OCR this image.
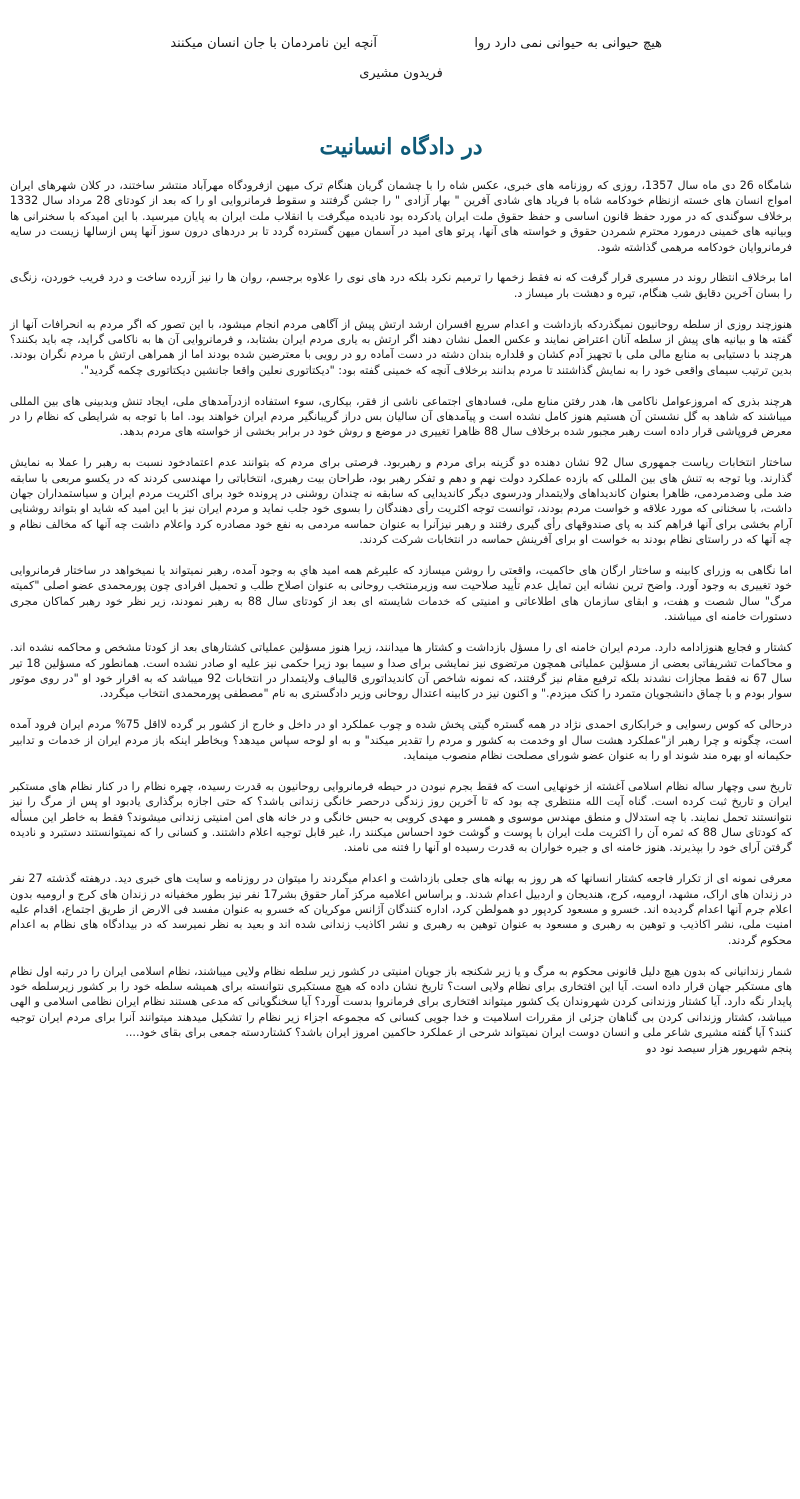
هیچ حیوانی به حیوانی نمی دارد روا
آنچه این نامردمان با جان انسان میکنند
فریدون مشیری
در دادگاه انسانیت

شامگاه 26 دی ماه سال 1357، روزی که روزنامه های خبری، عکس شاه را با چشمان گریان هنگام ترک میهن ازفرودگاه مهرآباد منتشر ساختند، در کلان شهرهای ایران امواج انسان های خسته ازنظام خودکامه شاه با فریاد های شادی آفرین " بهار آزادی " را جشن گرفتند و سقوط فرمانروایی او را که بعد از کودتای 28 مرداد سال 1332 برخلاف سوگندی که در مورد حفظ قانون اساسی و حفظ حقوق ملت ایران یادکرده بود نادیده میگرفت با انقلاب ملت ایران به پایان میرسید. با این امیدکه با سخنرانی ها وبیانیه های خمینی درمورد محترم شمردن حقوق و خواسته های آنها، پرتو های امید در آسمان میهن گسترده گردد تا بر دردهای درون سوز آنها پس ازسالها زیست در سایه فرمانروایان خودکامه مرهمی گذاشته شود.

اما برخلاف انتظار روند در مسیری قرار گرفت که نه فقط زخمها را ترمیم نکرد بلکه درد های نوی را علاوه برجسم، روان ها را نیز آزرده ساخت و درد فریب خوردن، زنگ‌ی را بسان آخرین دقایق شب هنگام، تیره و دهشت بار میساز د.

هنوزچند روزی از سلطه روحانیون نمیگذردکه بازداشت و اعدام سریع افسران ارشد ارتش پیش از آگاهی مردم انجام میشود، با این تصور که اگر مردم به انحرافات آنها از گفته ها و بیانیه های پیش از سلطه آنان اعتراض نمایند و عکس العمل نشان دهند اگر ارتش به یاری مردم ایران بشتابد، و فرمانروایی آن ها به ناکامی گراید، چه باید بکنند؟ هرچند با دستیابی به منابع مالی ملی با تجهیز آدم کشان و قلداره بندان دشته در دست آماده رو در رویی با معترضین شده بودند اما از همراهی ارتش با مردم نگران بودند. بدین ترتیب سیمای واقعی خود را به نمایش گذاشتند تا مردم بدانند برخلاف آنچه که خمینی گفته بود: "دیکتاتوری نعلین واقعا جانشین دیکتاتوری چکمه گردید".

هرچند بذری که امروزعوامل ناکامی ها، هدر رفتن منابع ملی، فسادهای اجتماعی ناشی از فقر، بیکاری، سوء استفاده ازدرآمدهای ملی، ایجاد تنش وبدبینی های بین المللی میباشند که شاهد به گل نشستن آن هستیم هنوز کامل نشده است و پیآمدهای آن سالیان بس دراز گریبانگیر مردم ایران خواهند بود. اما با توجه به شرایطی که نظام را در معرض فروپاشی قرار داده است رهبر مجبور شده برخلاف سال 88 ظاهرا تغییری در موضع و روش خود در برابر بخشی از خواسته های مردم بدهد.

ساختار انتخابات ریاست جمهوری سال 92 نشان دهنده دو گزینه برای مردم و رهبربود. فرصتی برای مردم که بتوانند عدم اعتمادخود نسبت به رهبر را عملا به نمایش گذارند. وبا توجه به تنش های بین المللی که بازده عملکرد دولت نهم و دهم و تفکر رهبر بود، طراحان بیت رهبری، انتخاباتی را مهندسی کردند که در یکسو مربعی با سابقه ضد ملی وضدمردمی، ظاهرا بعنوان کاندیداهای ولایتمدار ودرسوی دیگر کاندیدایی که سابقه نه چندان روشنی در پرونده خود برای اکثریت مردم ایران و سیاستمداران جهان داشت، با سخنانی که مورد علاقه و خواست مردم بودند، توانست توجه اکثریت رأی دهندگان را بسوی خود جلب نماید و مردم ایران نیز با این امید که شاید او بتواند روشنایی آرام بخشی برای آنها فراهم کند به پای صندوقهای رأی گیری رفتند و رهبر نیزآنرا به عنوان حماسه مردمی به نفع خود مصادره کرد واعلام داشت چه آنها که مخالف نظام و چه آنها که در راستای نظام بودند به خواست او برای آفرینش حماسه در انتخابات شرکت کردند.

اما نگاهی به وزرای کابینه و ساختار ارگان های حاکمیت، واقعتی را روشن میسازد که علیرغم همه امید هاي به وجود آمده، رهبر نمیتواند یا نمیخواهد در ساختار فرمانروایی خود تغییری به وجود آورد. واضح ترین نشانه این تمایل عدم تأیید صلاحیت سه وزیرمنتخب روحانی به عنوان اصلاح طلب و تحمیل افرادی چون پورمحمدی عضو اصلی "کمیته مرگ" سال شصت و هفت، و ابقای سازمان های اطلاعاتی و امنیتی که خدمات شایسته ای بعد از کودتای سال 88 به رهبر نمودند، زیر نظر خود رهبر کماکان مجری دستورات خامنه ای میباشند.

کشتار و فجایع هنوزادامه دارد. مردم ایران خامنه ای را مسؤل بازداشت و کشتار ها میدانند، زیرا هنوز مسؤلین عملیاتی کشتارهای بعد از کودتا مشخص و محاکمه نشده اند. و محاکمات تشریفاتی بعضی از مسؤلین عملیاتی همچون مرتضوی نیز نمایشی برای صدا و سیما بود زیرا حکمی نیز علیه او صادر نشده است. همانطور که مسؤلین 18 تیر سال 67 نه فقط مجازات نشدند بلکه ترفیع مقام نیز گرفتند، که نمونه شاخص آن کاندیداتوری قالیباف ولایتمدار در انتخابات 92 میباشد که به اقرار خود او "در روی موتور سوار بودم و با چماق دانشجویان متمرد را کتک میزدم." و اکنون نیز در کابینه اعتدال روحانی وزیر دادگستری به نام "مصطفی پورمحمدی انتخاب میگردد.

درحالی که کوس رسوایی و خرابکاری احمدی نژاد در همه گستره گیتی پخش شده و چوب عملکرد او در داخل و خارج از کشور بر گرده لااقل 75% مردم ایران فرود آمده است، چگونه و چرا رهبر از"عملکرد هشت سال او وخدمت به کشور و مردم را تقدیر میکند" و به او لوحه سپاس میدهد؟ وبخاطر اینکه باز مردم ایران از خدمات و تدابیر حکیمانه او بهره مند شوند او را به عنوان عضو شورای مصلحت نظام منصوب مینماید.

تاریخ سی وچهار ساله نظام اسلامی آغشته از خونهایی است که فقط بجرم نبودن در حیطه فرمانروایی روحانیون به قدرت رسیده، چهره نظام را در کنار نظام های مستکبر ایران و تاریخ ثبت کرده است. گناه آیت الله منتظری چه بود که تا آخرین روز زندگی درحصر خانگی زندانی باشد؟ که حتی اجازه برگذاری یادبود او پس از مرگ را نیز نتوانستند تحمل نمایند. با چه استدلال و منطق مهندس موسوی و همسر و مهدی کروبی به حبس خانگی و در خانه های امن امنیتی زندانی میشوند؟ فقط به خاطر این مسأله که کودتای سال 88 که ثمره آن را اکثریت ملت ایران با پوست و گوشت خود احساس میکنند را، غیر قابل توجیه اعلام داشتند. و کسانی را که نمیتوانستند دستبرد و نادیده گرفتن آرای خود را بپذیرند. هنوز خامنه ای و جیره خواران به قدرت رسیده او آنها را فتنه می نامند.

معرفی نمونه ای از تکرار فاجعه کشتار انسانها که هر روز به بهانه های جعلی بازداشت و اعدام میگردند را میتوان در روزنامه و سایت های خبری دید. درهفته گذشته 27 نفر در زندان های اراک، مشهد، ارومیه، کرج، هندیجان و اردبیل اعدام شدند. و براساس اعلامیه مرکز آمار حقوق بشر17 نفر نیز بطور مخفیانه در زندان های کرج و ارومیه بدون اعلام جرم آنها اعدام گردیده اند. خسرو و مسعود کردپور دو همولطن کرد، اداره کنندگان آژانس موکریان که خسرو به عنوان مفسد فی الارض از طریق اجتماع، اقدام علیه امنیت ملی، نشر اکاذیب و توهین به رهبری و مسعود به عنوان توهین به رهبری و نشر اکاذیب زندانی شده اند و بعید به نظر نمیرسد که در بیدادگاه های نظام به اعدام محکوم گردند.

شمار زندانیانی که بدون هیچ دلیل قانونی محکوم به مرگ و یا زیر شکنجه باز جویان امنیتی در کشور زیر سلطه نظام ولایی میباشند، نظام اسلامی ایران را در رتبه اول نظام های مستکبر جهان قرار داده است. آیا این افتخاری برای نظام ولایی است؟ تاریخ نشان داده که هیچ مستکبری نتوانسته برای همیشه سلطه خود را بر کشور زیرسلطه خود پایدار نگه دارد. آیا کشتار وزندانی کردن شهروندان یک کشور میتواند افتخاری برای فرمانروا بدست آورد؟ آیا سخنگویانی که مدعی هستند نظام ایران نظامی اسلامی و الهی میباشد، کشتار وزندانی کردن بی گناهان جزئی از مقررات اسلامیت و خدا جویی کسانی که مجموعه اجزاء زیر نظام را تشکیل میدهند میتوانند آنرا برای مردم ایران توجیه کنند؟ آیا گفته مشیری شاعر ملی و انسان دوست ایران نمیتواند شرحی از عملکرد حاکمین امروز ایران باشد؟ کشتاردسته جمعی برای بقای خود....

پنجم شهریور هزار سیصد نود دو
